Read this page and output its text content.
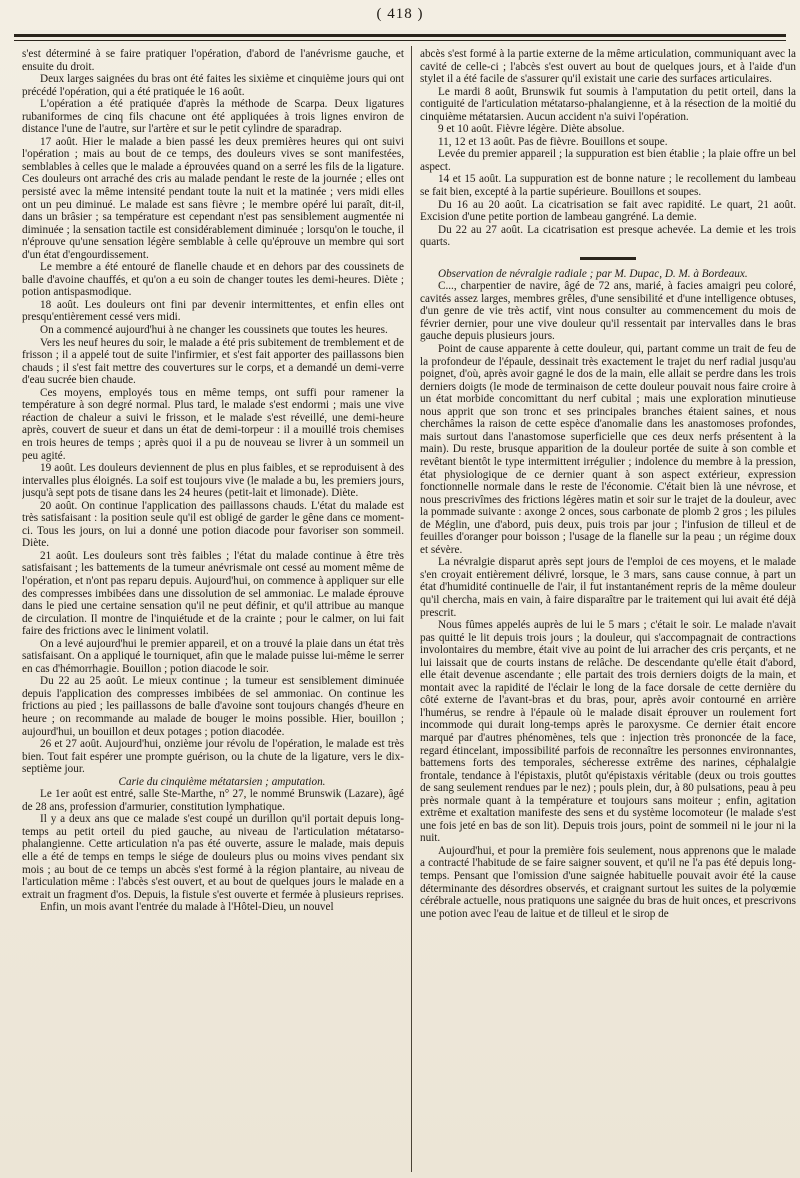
( 418 )

s'est déterminé à se faire pratiquer l'opération, d'abord de l'anévrisme gauche, et ensuite du droit.

Deux larges saignées du bras ont été faites les sixième et cinquième jours qui ont précédé l'opération, qui a été pratiquée le 16 août.

L'opération a été pratiquée d'après la méthode de Scarpa. Deux ligatures rubaniformes de cinq fils chacune ont été appliquées à trois lignes environ de distance l'une de l'autre, sur l'artère et sur le petit cylindre de sparadrap.

17 août. Hier le malade a bien passé les deux premières heures qui ont suivi l'opération ; mais au bout de ce temps, des douleurs vives se sont manifestées, semblables à celles que le malade a éprouvées quand on a serré les fils de la ligature. Ces douleurs ont arraché des cris au malade pendant le reste de la journée ; elles ont persisté avec la même intensité pendant toute la nuit et la matinée ; vers midi elles ont un peu diminué. Le malade est sans fièvre ; le membre opéré lui paraît, dit-il, dans un brâsier ; sa température est cependant n'est pas sensiblement augmentée ni diminuée ; la sensation tactile est considérablement diminuée ; lorsqu'on le touche, il n'éprouve qu'une sensation légère semblable à celle qu'éprouve un membre qui sort d'un état d'engourdissement.

Le membre a été entouré de flanelle chaude et en dehors par des coussinets de balle d'avoine chauffés, et qu'on a eu soin de changer toutes les demi-heures. Diète ; potion antispasmodique.

18 août. Les douleurs ont fini par devenir intermittentes, et enfin elles ont presqu'entièrement cessé vers midi.

On a commencé aujourd'hui à ne changer les coussinets que toutes les heures.

Vers les neuf heures du soir, le malade a été pris subitement de tremblement et de frisson ; il a appelé tout de suite l'infirmier, et s'est fait apporter des paillassons bien chauds ; il s'est fait mettre des couvertures sur le corps, et a demandé un demi-verre d'eau sucrée bien chaude.

Ces moyens, employés tous en même temps, ont suffi pour ramener la température à son degré normal. Plus tard, le malade s'est endormi ; mais une vive réaction de chaleur a suivi le frisson, et le malade s'est réveillé, une demi-heure après, couvert de sueur et dans un état de demi-torpeur : il a mouillé trois chemises en trois heures de temps ; après quoi il a pu de nouveau se livrer à un sommeil un peu agité.

19 août. Les douleurs deviennent de plus en plus faibles, et se reproduisent à des intervalles plus éloignés. La soif est toujours vive (le malade a bu, les premiers jours, jusqu'à sept pots de tisane dans les 24 heures (petit-lait et limonade). Diète.

20 août. On continue l'application des paillassons chauds. L'état du malade est très satisfaisant : la position seule qu'il est obligé de garder le gêne dans ce moment-ci. Tous les jours, on lui a donné une potion diacode pour favoriser son sommeil. Diète.

21 août. Les douleurs sont très faibles ; l'état du malade continue à être très satisfaisant ; les battements de la tumeur anévrismale ont cessé au moment même de l'opération, et n'ont pas reparu depuis. Aujourd'hui, on commence à appliquer sur elle des compresses imbibées dans une dissolution de sel ammoniac. Le malade éprouve dans le pied une certaine sensation qu'il ne peut définir, et qu'il attribue au manque de circulation. Il montre de l'inquiétude et de la crainte ; pour le calmer, on lui fait faire des frictions avec le liniment volatil.

On a levé aujourd'hui le premier appareil, et on a trouvé la plaie dans un état très satisfaisant. On a appliqué le tourniquet, afin que le malade puisse lui-même le serrer en cas d'hémorrhagie. Bouillon ; potion diacode le soir.

Du 22 au 25 août. Le mieux continue ; la tumeur est sensiblement diminuée depuis l'application des compresses imbibées de sel ammoniac. On continue les frictions au pied ; les paillassons de balle d'avoine sont toujours changés d'heure en heure ; on recommande au malade de bouger le moins possible. Hier, bouillon ; aujourd'hui, un bouillon et deux potages ; potion diacodée.

26 et 27 août. Aujourd'hui, onzième jour révolu de l'opération, le malade est très bien. Tout fait espérer une prompte guérison, ou la chute de la ligature, vers le dix-septième jour.

Carie du cinquième métatarsien ; amputation.

Le 1er août est entré, salle Ste-Marthe, n° 27, le nommé Brunswik (Lazare), âgé de 28 ans, profession d'armurier, constitution lymphatique.

Il y a deux ans que ce malade s'est coupé un durillon qu'il portait depuis long-temps au petit orteil du pied gauche, au niveau de l'articulation métatarso-phalangienne. Cette articulation n'a pas été ouverte, assure le malade, mais depuis elle a été de temps en temps le siége de douleurs plus ou moins vives pendant six mois ; au bout de ce temps un abcès s'est formé à la région plantaire, au niveau de l'articulation même : l'abcès s'est ouvert, et au bout de quelques jours le malade en a extrait un fragment d'os. Depuis, la fistule s'est ouverte et fermée à plusieurs reprises.

Enfin, un mois avant l'entrée du malade à l'Hôtel-Dieu, un nouvel

abcès s'est formé à la partie externe de la même articulation, communiquant avec la cavité de celle-ci ; l'abcès s'est ouvert au bout de quelques jours, et à l'aide d'un stylet il a été facile de s'assurer qu'il existait une carie des surfaces articulaires.

Le mardi 8 août, Brunswik fut soumis à l'amputation du petit orteil, dans la contiguité de l'articulation métatarso-phalangienne, et à la résection de la moitié du cinquième métatarsien. Aucun accident n'a suivi l'opération.

9 et 10 août. Fièvre légère. Diète absolue.

11, 12 et 13 août. Pas de fièvre. Bouillons et soupe.

Levée du premier appareil ; la suppuration est bien établie ; la plaie offre un bel aspect.

14 et 15 août. La suppuration est de bonne nature ; le recollement du lambeau se fait bien, excepté à la partie supérieure. Bouillons et soupes.

Du 16 au 20 août. La cicatrisation se fait avec rapidité. Le quart, 21 août. Excision d'une petite portion de lambeau gangréné. La demie.

Du 22 au 27 août. La cicatrisation est presque achevée. La demie et les trois quarts.

Observation de névralgie radiale ; par M. Dupac, D. M. à Bordeaux.

C..., charpentier de navire, âgé de 72 ans, marié, à facies amaigri peu coloré, cavités assez larges, membres grêles, d'une sensibilité et d'une intelligence obtuses, d'un genre de vie très actif, vint nous consulter au commencement du mois de février dernier, pour une vive douleur qu'il ressentait par intervalles dans le bras gauche depuis plusieurs jours.

Point de cause apparente à cette douleur, qui, partant comme un trait de feu de la profondeur de l'épaule, dessinait très exactement le trajet du nerf radial jusqu'au poignet, d'où, après avoir gagné le dos de la main, elle allait se perdre dans les trois derniers doigts (le mode de terminaison de cette douleur pouvait nous faire croire à un état morbide concomittant du nerf cubital ; mais une exploration minutieuse nous apprit que son tronc et ses principales branches étaient saines, et nous cherchâmes la raison de cette espèce d'anomalie dans les anastomoses profondes, mais surtout dans l'anastomose superficielle que ces deux nerfs présentent à la main). Du reste, brusque apparition de la douleur portée de suite à son comble et revêtant bientôt le type intermittent irrégulier ; indolence du membre à la pression, état physiologique de ce dernier quant à son aspect extérieur, expression fonctionnelle normale dans le reste de l'économie. C'était bien là une névrose, et nous prescrivîmes des frictions légères matin et soir sur le trajet de la douleur, avec la pommade suivante : axonge 2 onces, sous carbonate de plomb 2 gros ; les pilules de Méglin, une d'abord, puis deux, puis trois par jour ; l'infusion de tilleul et de feuilles d'oranger pour boisson ; l'usage de la flanelle sur la peau ; un régime doux et sévère.

La névralgie disparut après sept jours de l'emploi de ces moyens, et le malade s'en croyait entièrement délivré, lorsque, le 3 mars, sans cause connue, à part un état d'humidité continuelle de l'air, il fut instantanément repris de la même douleur qu'il chercha, mais en vain, à faire disparaître par le traitement qui lui avait été déjà prescrit.

Nous fûmes appelés auprès de lui le 5 mars ; c'était le soir. Le malade n'avait pas quitté le lit depuis trois jours ; la douleur, qui s'accompagnait de contractions involontaires du membre, était vive au point de lui arracher des cris perçants, et ne lui laissait que de courts instans de relâche. De descendante qu'elle était d'abord, elle était devenue ascendante ; elle partait des trois derniers doigts de la main, et montait avec la rapidité de l'éclair le long de la face dorsale de cette dernière du côté externe de l'avant-bras et du bras, pour, après avoir contourné en arrière l'humérus, se rendre à l'épaule où le malade disait éprouver un roulement fort incommode qui durait long-temps après le paroxysme. Ce dernier était encore marqué par d'autres phénomènes, tels que : injection très prononcée de la face, regard étincelant, impossibilité parfois de reconnaître les personnes environnantes, battemens forts des temporales, sécheresse extrême des narines, céphalalgie frontale, tendance à l'épistaxis, plutôt qu'épistaxis véritable (deux ou trois gouttes de sang seulement rendues par le nez) ; pouls plein, dur, à 80 pulsations, peau à peu près normale quant à la température et toujours sans moiteur ; enfin, agitation extrême et exaltation manifeste des sens et du système locomoteur (le malade s'est une fois jeté en bas de son lit). Depuis trois jours, point de sommeil ni le jour ni la nuit.

Aujourd'hui, et pour la première fois seulement, nous apprenons que le malade a contracté l'habitude de se faire saigner souvent, et qu'il ne l'a pas été depuis long-temps. Pensant que l'omission d'une saignée habituelle pouvait avoir été la cause déterminante des désordres observés, et craignant surtout les suites de la polyœmie cérébrale actuelle, nous pratiquons une saignée du bras de huit onces, et prescrivons une potion avec l'eau de laitue et de tilleul et le sirop de
